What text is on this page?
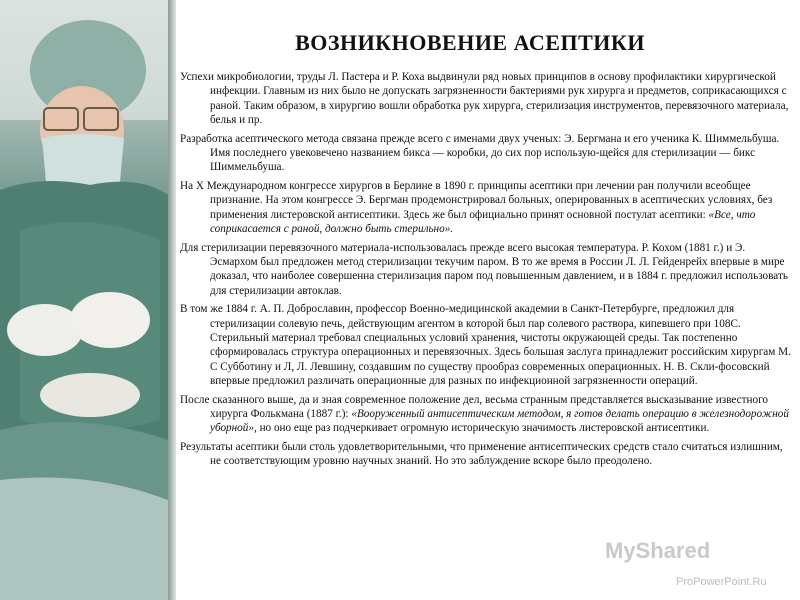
ВОЗНИКНОВЕНИЕ АСЕПТИКИ

Успехи микробиологии, труды Л. Пастера и Р. Коха выдвинули ряд новых принципов в основу профилактики хирургической инфекции. Главным из них было не допускать загрязненности бактериями рук хирурга и предметов, соприкасающихся с раной. Таким образом, в хирургию вошли обработка рук хирурга, стерилизация инструментов, перевязочного материала, белья и пр.

Разработка асептического метода связана прежде всего с именами двух ученых: Э. Бергмана и его ученика К. Шиммельбуша. Имя последнего увековечено названием бикса — коробки, до сих пор использую-щейся для стерилизации — бикс Шиммельбуша.

На X Международном конгрессе хирургов в Берлине в 1890 г. принципы асептики при лечении ран получили всеобщее признание. На этом конгрессе Э. Бергман продемонстрировал больных, оперированных в асептических условиях, без применения листеровской антисептики. Здесь же был официально принят основной постулат асептики: «Все, что соприкасается с раной, должно быть стерильно».

Для стерилизации перевязочного материала-использовалась прежде всего высокая температура. Р. Кохом (1881 г.) и Э. Эсмархом был предложен метод стерилизации текучим паром. В то же время в России Л. Л. Гейденрейх впервые в мире доказал, что наиболее совершенна стерилизация паром под повышенным давлением, и в 1884 г. предложил использовать для стерилизации автоклав.

В том же 1884 г. А. П. Доброславин, профессор Военно-медицинской академии в Санкт-Петербурге, предложил для стерилизации солевую печь, действующим агентом в которой был пар солевого раствора, кипевшего при 108С. Стерильный материал требовал специальных условий хранения, чистоты окружающей среды. Так постепенно сформировалась структура операционных и перевязочных. Здесь большая заслуга принадлежит российским хирургам М. С Субботину и Л, Л. Левшину, создавшим по существу прообраз современных операционных. Н. В. Скли-фосовский впервые предложил различать операционные для разных по инфекционной загрязненности операций.

После сказанного выше, да и зная современное положение дел, весьма странным представляется высказывание известного хирурга Фолькмана (1887 г.): «Вооруженный антисептическим методом, я готов делать операцию в железнодорожной уборной», но оно еще раз подчеркивает огромную историческую значимость листеровской антисептики.

Результаты асептики были столь удовлетворительными, что применение антисептических средств стало считаться излишним, не соответствующим уровню научных знаний. Но это заблуждение вскоре было преодолено.

MyShared
ProPowerPoint.Ru
